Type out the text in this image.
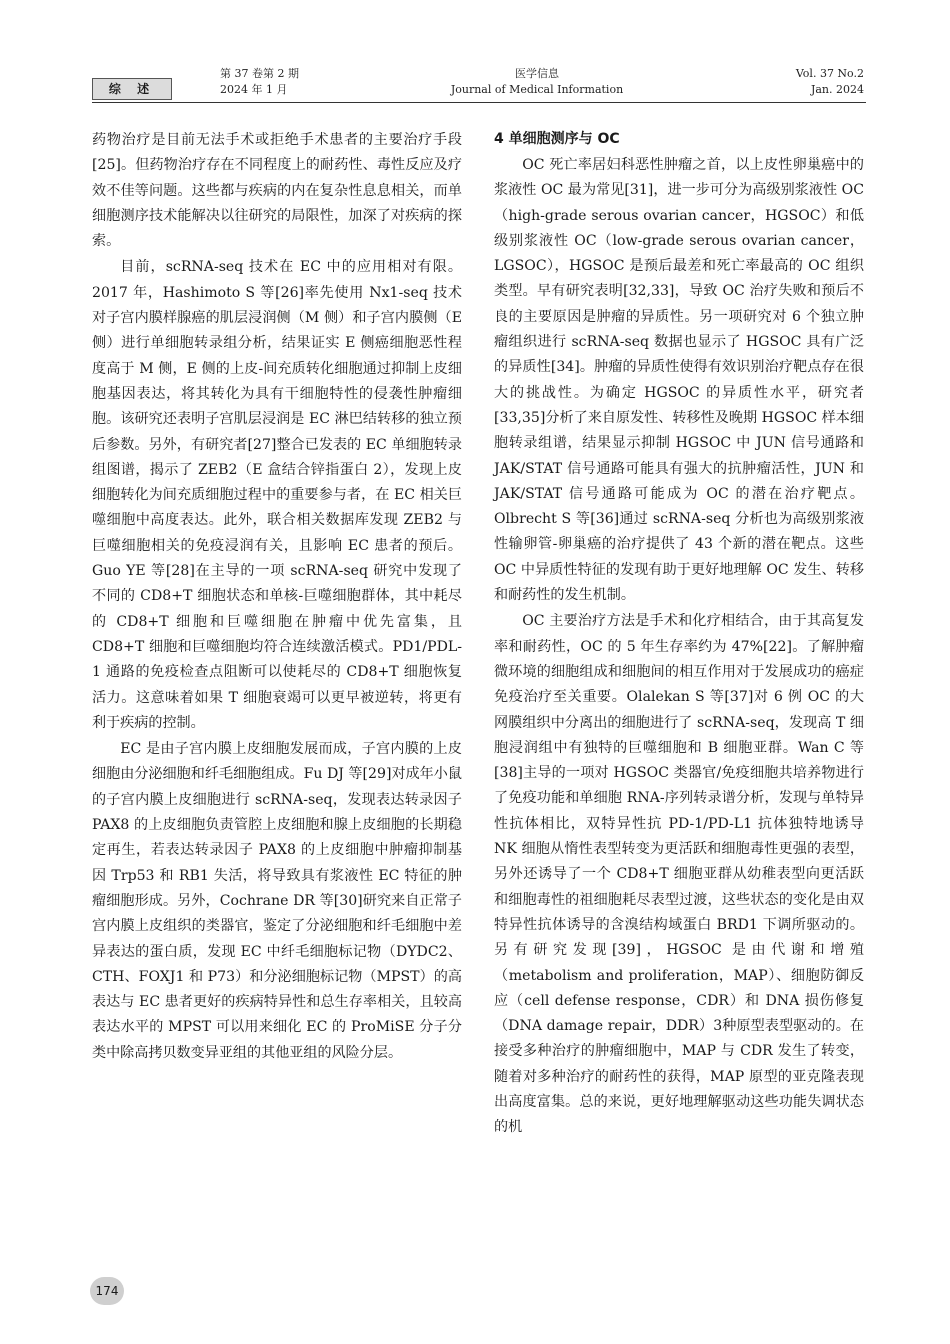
综 述
第 37 卷第 2 期
2024 年 1 月
医学信息
Journal of Medical Information
Vol. 37 No.2
Jan. 2024

药物治疗是目前无法手术或拒绝手术患者的主要治疗手段[25]。但药物治疗存在不同程度上的耐药性、毒性反应及疗效不佳等问题。这些都与疾病的内在复杂性息息相关，而单细胞测序技术能解决以往研究的局限性，加深了对疾病的探索。

目前，scRNA-seq 技术在 EC 中的应用相对有限。2017 年，Hashimoto S 等[26]率先使用 Nx1-seq 技术对子宫内膜样腺癌的肌层浸润侧（M 侧）和子宫内膜侧（E 侧）进行单细胞转录组分析，结果证实 E 侧癌细胞恶性程度高于 M 侧，E 侧的上皮-间充质转化细胞通过抑制上皮细胞基因表达，将其转化为具有干细胞特性的侵袭性肿瘤细胞。该研究还表明子宫肌层浸润是 EC 淋巴结转移的独立预后参数。另外，有研究者[27]整合已发表的 EC 单细胞转录组图谱，揭示了 ZEB2（E 盒结合锌指蛋白 2），发现上皮细胞转化为间充质细胞过程中的重要参与者，在 EC 相关巨噬细胞中高度表达。此外，联合相关数据库发现 ZEB2 与巨噬细胞相关的免疫浸润有关，且影响 EC 患者的预后。Guo YE 等[28]在主导的一项 scRNA-seq 研究中发现了不同的 CD8+T 细胞状态和单核-巨噬细胞群体，其中耗尽的 CD8+T 细胞和巨噬细胞在肿瘤中优先富集，且 CD8+T 细胞和巨噬细胞均符合连续激活模式。PD1/PDL-1 通路的免疫检查点阻断可以使耗尽的 CD8+T 细胞恢复活力。这意味着如果 T 细胞衰竭可以更早被逆转，将更有利于疾病的控制。

EC 是由子宫内膜上皮细胞发展而成，子宫内膜的上皮细胞由分泌细胞和纤毛细胞组成。Fu DJ 等[29]对成年小鼠的子宫内膜上皮细胞进行 scRNA-seq，发现表达转录因子 PAX8 的上皮细胞负责管腔上皮细胞和腺上皮细胞的长期稳定再生，若表达转录因子 PAX8 的上皮细胞中肿瘤抑制基因 Trp53 和 RB1 失活，将导致具有浆液性 EC 特征的肿瘤细胞形成。另外，Cochrane DR 等[30]研究来自正常子宫内膜上皮组织的类器官，鉴定了分泌细胞和纤毛细胞中差异表达的蛋白质，发现 EC 中纤毛细胞标记物（DYDC2、CTH、FOXJ1 和 P73）和分泌细胞标记物（MPST）的高表达与 EC 患者更好的疾病特异性和总生存率相关，且较高表达水平的 MPST 可以用来细化 EC 的 ProMiSE 分子分类中除高拷贝数变异亚组的其他亚组的风险分层。

4 单细胞测序与 OC

OC 死亡率居妇科恶性肿瘤之首，以上皮性卵巢癌中的浆液性 OC 最为常见[31]，进一步可分为高级别浆液性 OC（high-grade serous ovarian cancer，HGSOC）和低级别浆液性 OC（low-grade serous ovarian cancer，LGSOC），HGSOC 是预后最差和死亡率最高的 OC 组织类型。早有研究表明[32,33]，导致 OC 治疗失败和预后不良的主要原因是肿瘤的异质性。另一项研究对 6 个独立肿瘤组织进行 scRNA-seq 数据也显示了 HGSOC 具有广泛的异质性[34]。肿瘤的异质性使得有效识别治疗靶点存在很大的挑战性。为确定 HGSOC 的异质性水平，研究者[33,35]分析了来自原发性、转移性及晚期 HGSOC 样本细胞转录组谱，结果显示抑制 HGSOC 中 JUN 信号通路和 JAK/STAT 信号通路可能具有强大的抗肿瘤活性，JUN 和 JAK/STAT 信号通路可能成为 OC 的潜在治疗靶点。Olbrecht S 等[36]通过 scRNA-seq 分析也为高级别浆液性输卵管-卵巢癌的治疗提供了 43 个新的潜在靶点。这些 OC 中异质性特征的发现有助于更好地理解 OC 发生、转移和耐药性的发生机制。

OC 主要治疗方法是手术和化疗相结合，由于其高复发率和耐药性，OC 的 5 年生存率约为 47%[22]。了解肿瘤微环境的细胞组成和细胞间的相互作用对于发展成功的癌症免疫治疗至关重要。Olalekan S 等[37]对 6 例 OC 的大网膜组织中分离出的细胞进行了 scRNA-seq，发现高 T 细胞浸润组中有独特的巨噬细胞和 B 细胞亚群。Wan C 等[38]主导的一项对 HGSOC 类器官/免疫细胞共培养物进行了免疫功能和单细胞 RNA-序列转录谱分析，发现与单特异性抗体相比，双特异性抗 PD-1/PD-L1 抗体独特地诱导 NK 细胞从惰性表型转变为更活跃和细胞毒性更强的表型，另外还诱导了一个 CD8+T 细胞亚群从幼稚表型向更活跃和细胞毒性的祖细胞耗尽表型过渡，这些状态的变化是由双特异性抗体诱导的含溴结构域蛋白 BRD1 下调所驱动的。另有研究发现[39]，HGSOC 是由代谢和增殖（metabolism and proliferation，MAP）、细胞防御反应（cell defense response，CDR）和 DNA 损伤修复（DNA damage repair，DDR）3种原型表型驱动的。在接受多种治疗的肿瘤细胞中，MAP 与 CDR 发生了转变，随着对多种治疗的耐药性的获得，MAP 原型的亚克隆表现出高度富集。总的来说，更好地理解驱动这些功能失调状态的机

174
